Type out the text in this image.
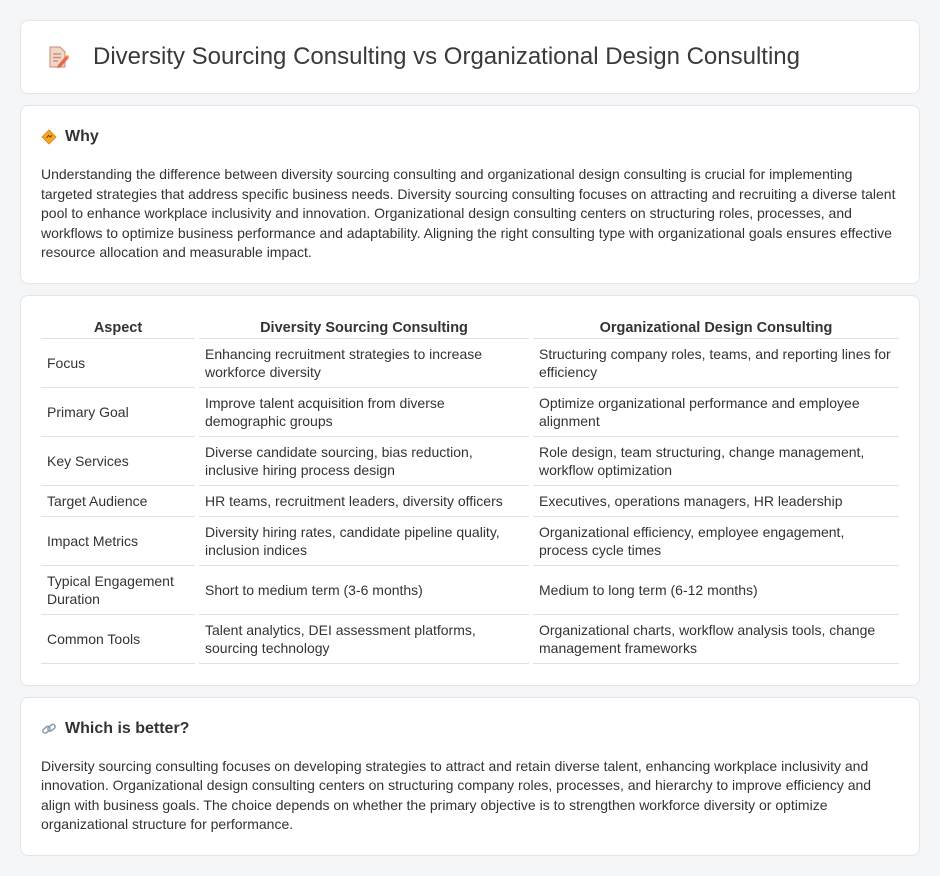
Diversity Sourcing Consulting vs Organizational Design Consulting
Why

Understanding the difference between diversity sourcing consulting and organizational design consulting is crucial for implementing targeted strategies that address specific business needs. Diversity sourcing consulting focuses on attracting and recruiting a diverse talent pool to enhance workplace inclusivity and innovation. Organizational design consulting centers on structuring roles, processes, and workflows to optimize business performance and adaptability. Aligning the right consulting type with organizational goals ensures effective resource allocation and measurable impact.

Aspect	Diversity Sourcing Consulting	Organizational Design Consulting
Focus	Enhancing recruitment strategies to increase workforce diversity	Structuring company roles, teams, and reporting lines for efficiency
Primary Goal	Improve talent acquisition from diverse demographic groups	Optimize organizational performance and employee alignment
Key Services	Diverse candidate sourcing, bias reduction, inclusive hiring process design	Role design, team structuring, change management, workflow optimization
Target Audience	HR teams, recruitment leaders, diversity officers	Executives, operations managers, HR leadership
Impact Metrics	Diversity hiring rates, candidate pipeline quality, inclusion indices	Organizational efficiency, employee engagement, process cycle times
Typical Engagement Duration	Short to medium term (3-6 months)	Medium to long term (6-12 months)
Common Tools	Talent analytics, DEI assessment platforms, sourcing technology	Organizational charts, workflow analysis tools, change management frameworks
Which is better?

Diversity sourcing consulting focuses on developing strategies to attract and retain diverse talent, enhancing workplace inclusivity and innovation. Organizational design consulting centers on structuring company roles, processes, and hierarchy to improve efficiency and align with business goals. The choice depends on whether the primary objective is to strengthen workforce diversity or optimize organizational structure for performance.
